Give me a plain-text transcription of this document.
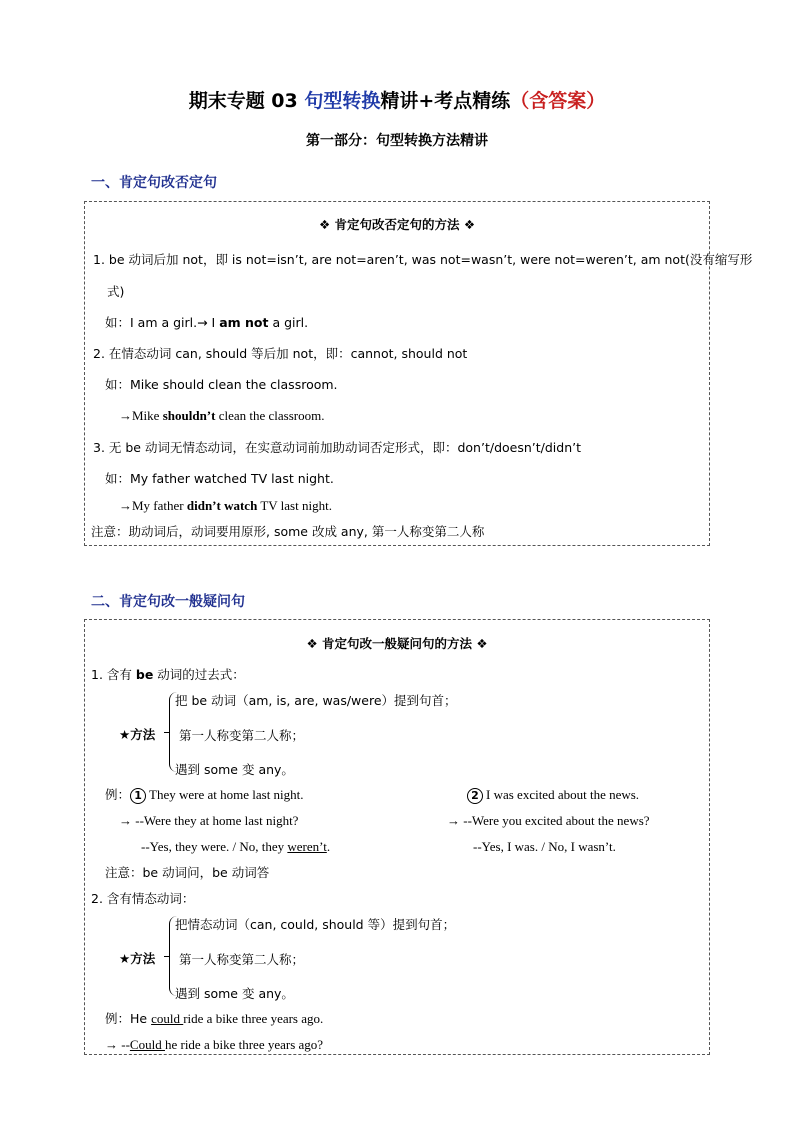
期末专题 03 句型转换精讲+考点精练（含答案）
第一部分：句型转换方法精讲
一、肯定句改否定句
❖ 肯定句改否定句的方法 ❖
1. be 动词后加 not，即 is not=isn’t, are not=aren’t, was not=wasn’t, were not=weren’t, am not(没有缩写形
式)
如：I am a girl.→ I am not a girl.
2. 在情态动词 can, should 等后加 not，即：cannot, should not
如：Mike should clean the classroom.
→Mike shouldn’t clean the classroom.
3. 无 be 动词无情态动词，在实意动词前加助动词否定形式，即：don’t/doesn’t/didn’t
如：My father watched TV last night.
→My father didn’t watch TV last night.
注意：助动词后，动词要用原形, some 改成 any, 第一人称变第二人称
二、肯定句改一般疑问句
❖ 肯定句改一般疑问句的方法 ❖
1. 含有 be 动词的过去式：
★方法
把 be 动词（am, is, are, was/were）提到句首；
第一人称变第二人称；
遇到 some 变 any。
例： 1 They were at home last night.	2 I was excited about the news.
→ --Were they at home last night?	→ --Were you excited about the news?
--Yes, they were. / No, they weren’t.	--Yes, I was. / No, I wasn’t.
注意：be 动词问，be 动词答
2. 含有情态动词：
★方法
把情态动词（can, could, should 等）提到句首；
第一人称变第二人称；
遇到 some 变 any。
例：He could ride a bike three years ago.
→ --Could he ride a bike three years ago?
